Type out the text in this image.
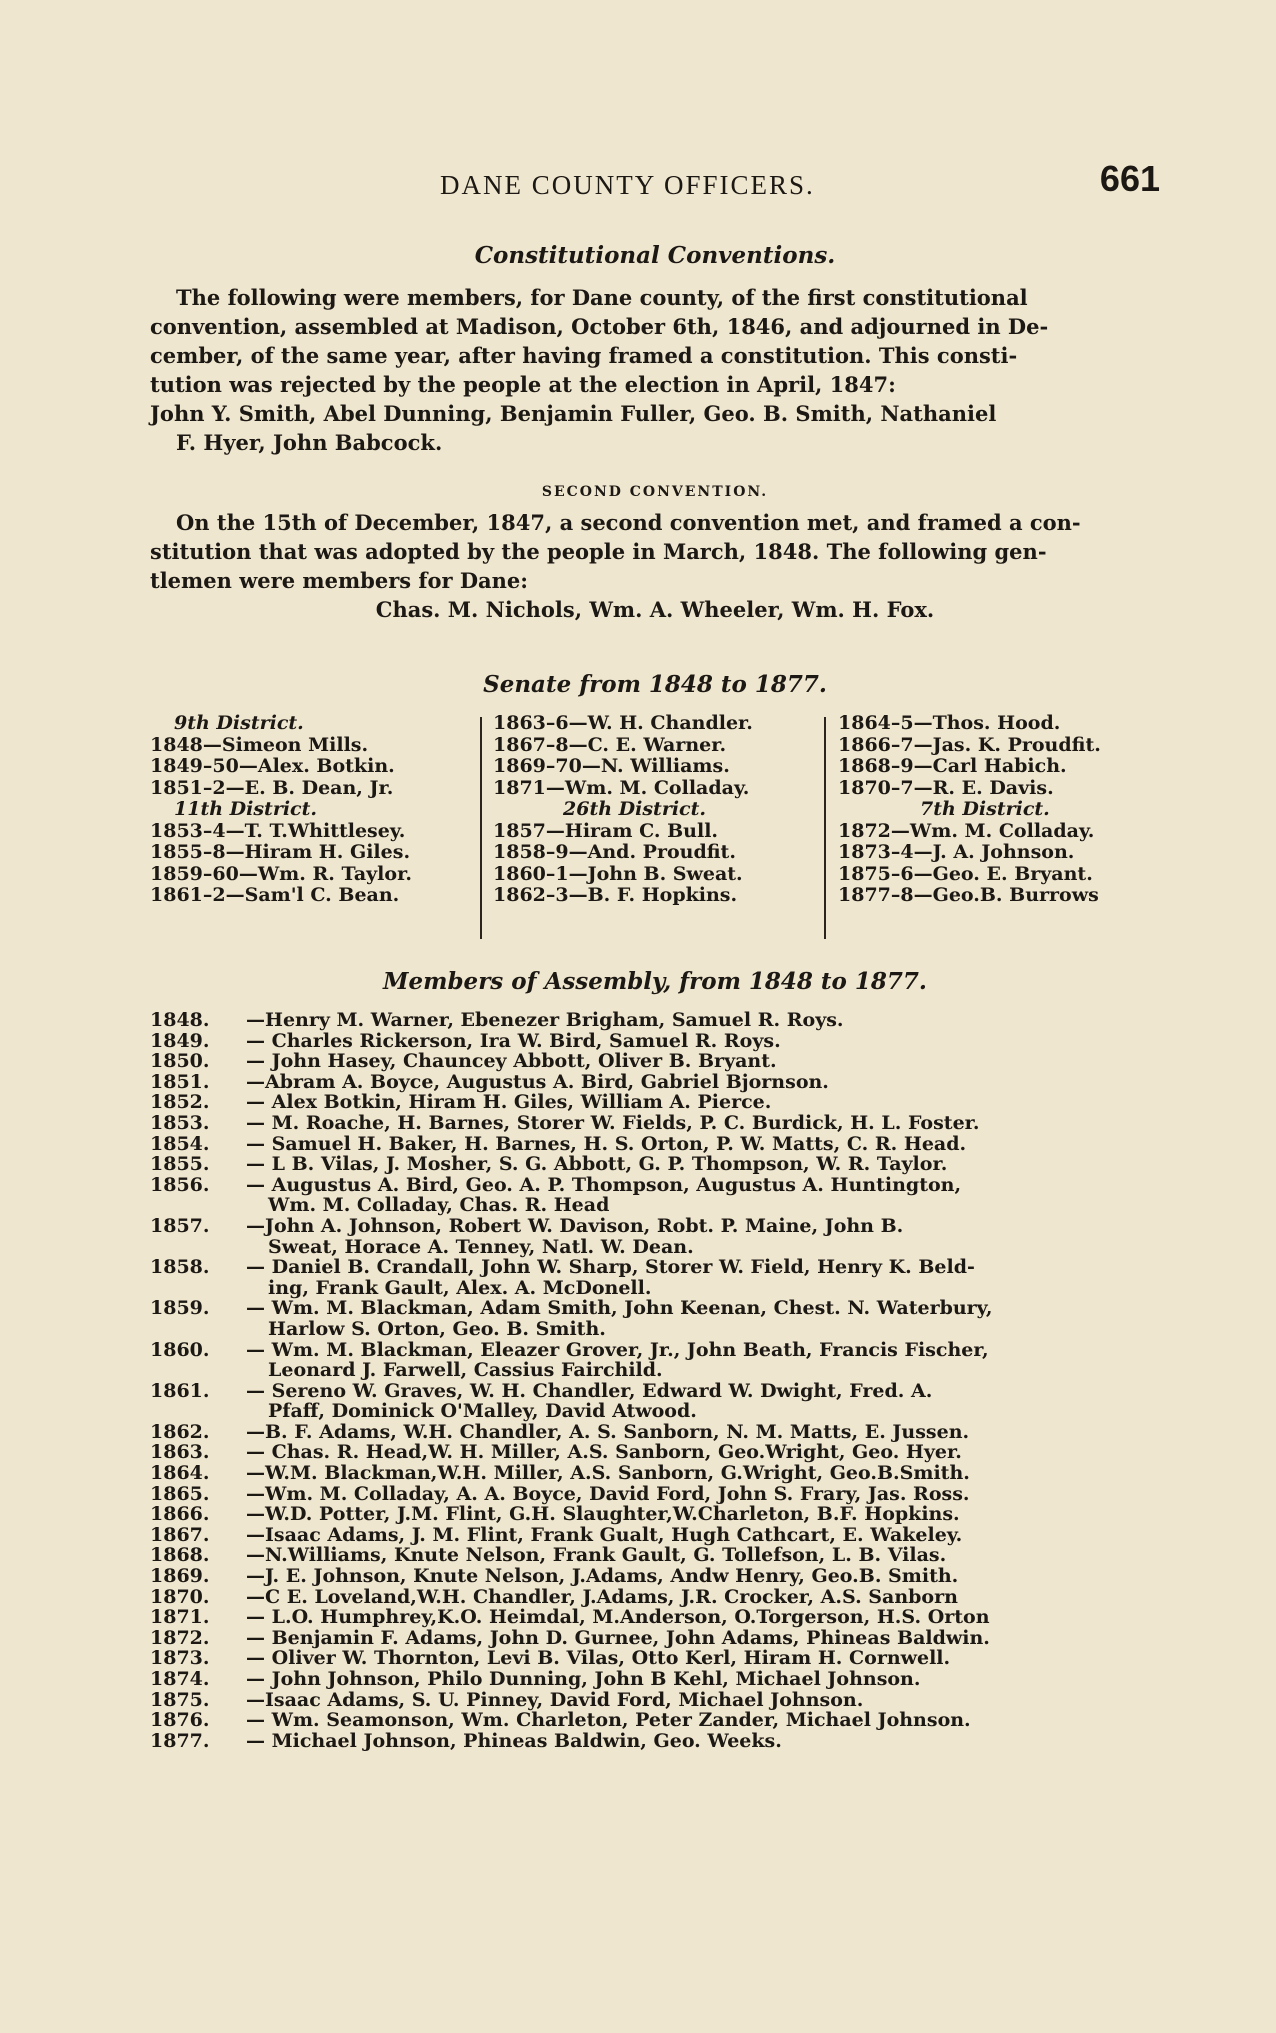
DANE COUNTY OFFICERS.	661
Constitutional Conventions.
The following were members, for Dane county, of the first constitutional
convention, assembled at Madison, October 6th, 1846, and adjourned in De-
cember, of the same year, after having framed a constitution. This consti-
tution was rejected by the people at the election in April, 1847:
John Y. Smith, Abel Dunning, Benjamin Fuller, Geo. B. Smith, Nathaniel
F. Hyer, John Babcock.
SECOND CONVENTION.
On the 15th of December, 1847, a second convention met, and framed a con-
stitution that was adopted by the people in March, 1848. The following gen-
tlemen were members for Dane:
Chas. M. Nichols, Wm. A. Wheeler, Wm. H. Fox.
Senate from 1848 to 1877.
9th District.
1848—Simeon Mills.
1849–50—Alex. Botkin.
1851–2—E. B. Dean, Jr.
11th District.
1853–4—T. T.Whittlesey.
1855–8—Hiram H. Giles.
1859–60—Wm. R. Taylor.
1861–2—Sam'l C. Bean.
1863–6—W. H. Chandler.
1867–8—C. E. Warner.
1869–70—N. Williams.
1871—Wm. M. Colladay.
26th District.
1857—Hiram C. Bull.
1858–9—And. Proudfit.
1860–1—John B. Sweat.
1862–3—B. F. Hopkins.
1864–5—Thos. Hood.
1866–7—Jas. K. Proudfit.
1868–9—Carl Habich.
1870–7—R. E. Davis.
7th District.
1872—Wm. M. Colladay.
1873–4—J. A. Johnson.
1875–6—Geo. E. Bryant.
1877–8—Geo.B. Burrows
Members of Assembly, from 1848 to 1877.
1848. —Henry M. Warner, Ebenezer Brigham, Samuel R. Roys.
1849. — Charles Rickerson, Ira W. Bird, Samuel R. Roys.
1850. — John Hasey, Chauncey Abbott, Oliver B. Bryant.
1851. —Abram A. Boyce, Augustus A. Bird, Gabriel Bjornson.
1852. — Alex Botkin, Hiram H. Giles, William A. Pierce.
1853. — M. Roache, H. Barnes, Storer W. Fields, P. C. Burdick, H. L. Foster.
1854. — Samuel H. Baker, H. Barnes, H. S. Orton, P. W. Matts, C. R. Head.
1855. — L B. Vilas, J. Mosher, S. G. Abbott, G. P. Thompson, W. R. Taylor.
1856. — Augustus A. Bird, Geo. A. P. Thompson, Augustus A. Huntington,
Wm. M. Colladay, Chas. R. Head
1857. —John A. Johnson, Robert W. Davison, Robt. P. Maine, John B.
Sweat, Horace A. Tenney, Natl. W. Dean.
1858. — Daniel B. Crandall, John W. Sharp, Storer W. Field, Henry K. Beld-
ing, Frank Gault, Alex. A. McDonell.
1859. — Wm. M. Blackman, Adam Smith, John Keenan, Chest. N. Waterbury,
Harlow S. Orton, Geo. B. Smith.
1860. — Wm. M. Blackman, Eleazer Grover, Jr., John Beath, Francis Fischer,
Leonard J. Farwell, Cassius Fairchild.
1861. — Sereno W. Graves, W. H. Chandler, Edward W. Dwight, Fred. A.
Pfaff, Dominick O'Malley, David Atwood.
1862. —B. F. Adams, W.H. Chandler, A. S. Sanborn, N. M. Matts, E. Jussen.
1863. — Chas. R. Head,W. H. Miller, A.S. Sanborn, Geo.Wright, Geo. Hyer.
1864. —W.M. Blackman,W.H. Miller, A.S. Sanborn, G.Wright, Geo.B.Smith.
1865. —Wm. M. Colladay, A. A. Boyce, David Ford, John S. Frary, Jas. Ross.
1866. —W.D. Potter, J.M. Flint, G.H. Slaughter,W.Charleton, B.F. Hopkins.
1867. —Isaac Adams, J. M. Flint, Frank Gualt, Hugh Cathcart, E. Wakeley.
1868. —N.Williams, Knute Nelson, Frank Gault, G. Tollefson, L. B. Vilas.
1869. —J. E. Johnson, Knute Nelson, J.Adams, Andw Henry, Geo.B. Smith.
1870. —C E. Loveland,W.H. Chandler, J.Adams, J.R. Crocker, A.S. Sanborn
1871. — L.O. Humphrey,K.O. Heimdal, M.Anderson, O.Torgerson, H.S. Orton
1872. — Benjamin F. Adams, John D. Gurnee, John Adams, Phineas Baldwin.
1873. — Oliver W. Thornton, Levi B. Vilas, Otto Kerl, Hiram H. Cornwell.
1874. — John Johnson, Philo Dunning, John B Kehl, Michael Johnson.
1875. —Isaac Adams, S. U. Pinney, David Ford, Michael Johnson.
1876. — Wm. Seamonson, Wm. Charleton, Peter Zander, Michael Johnson.
1877. — Michael Johnson, Phineas Baldwin, Geo. Weeks.
